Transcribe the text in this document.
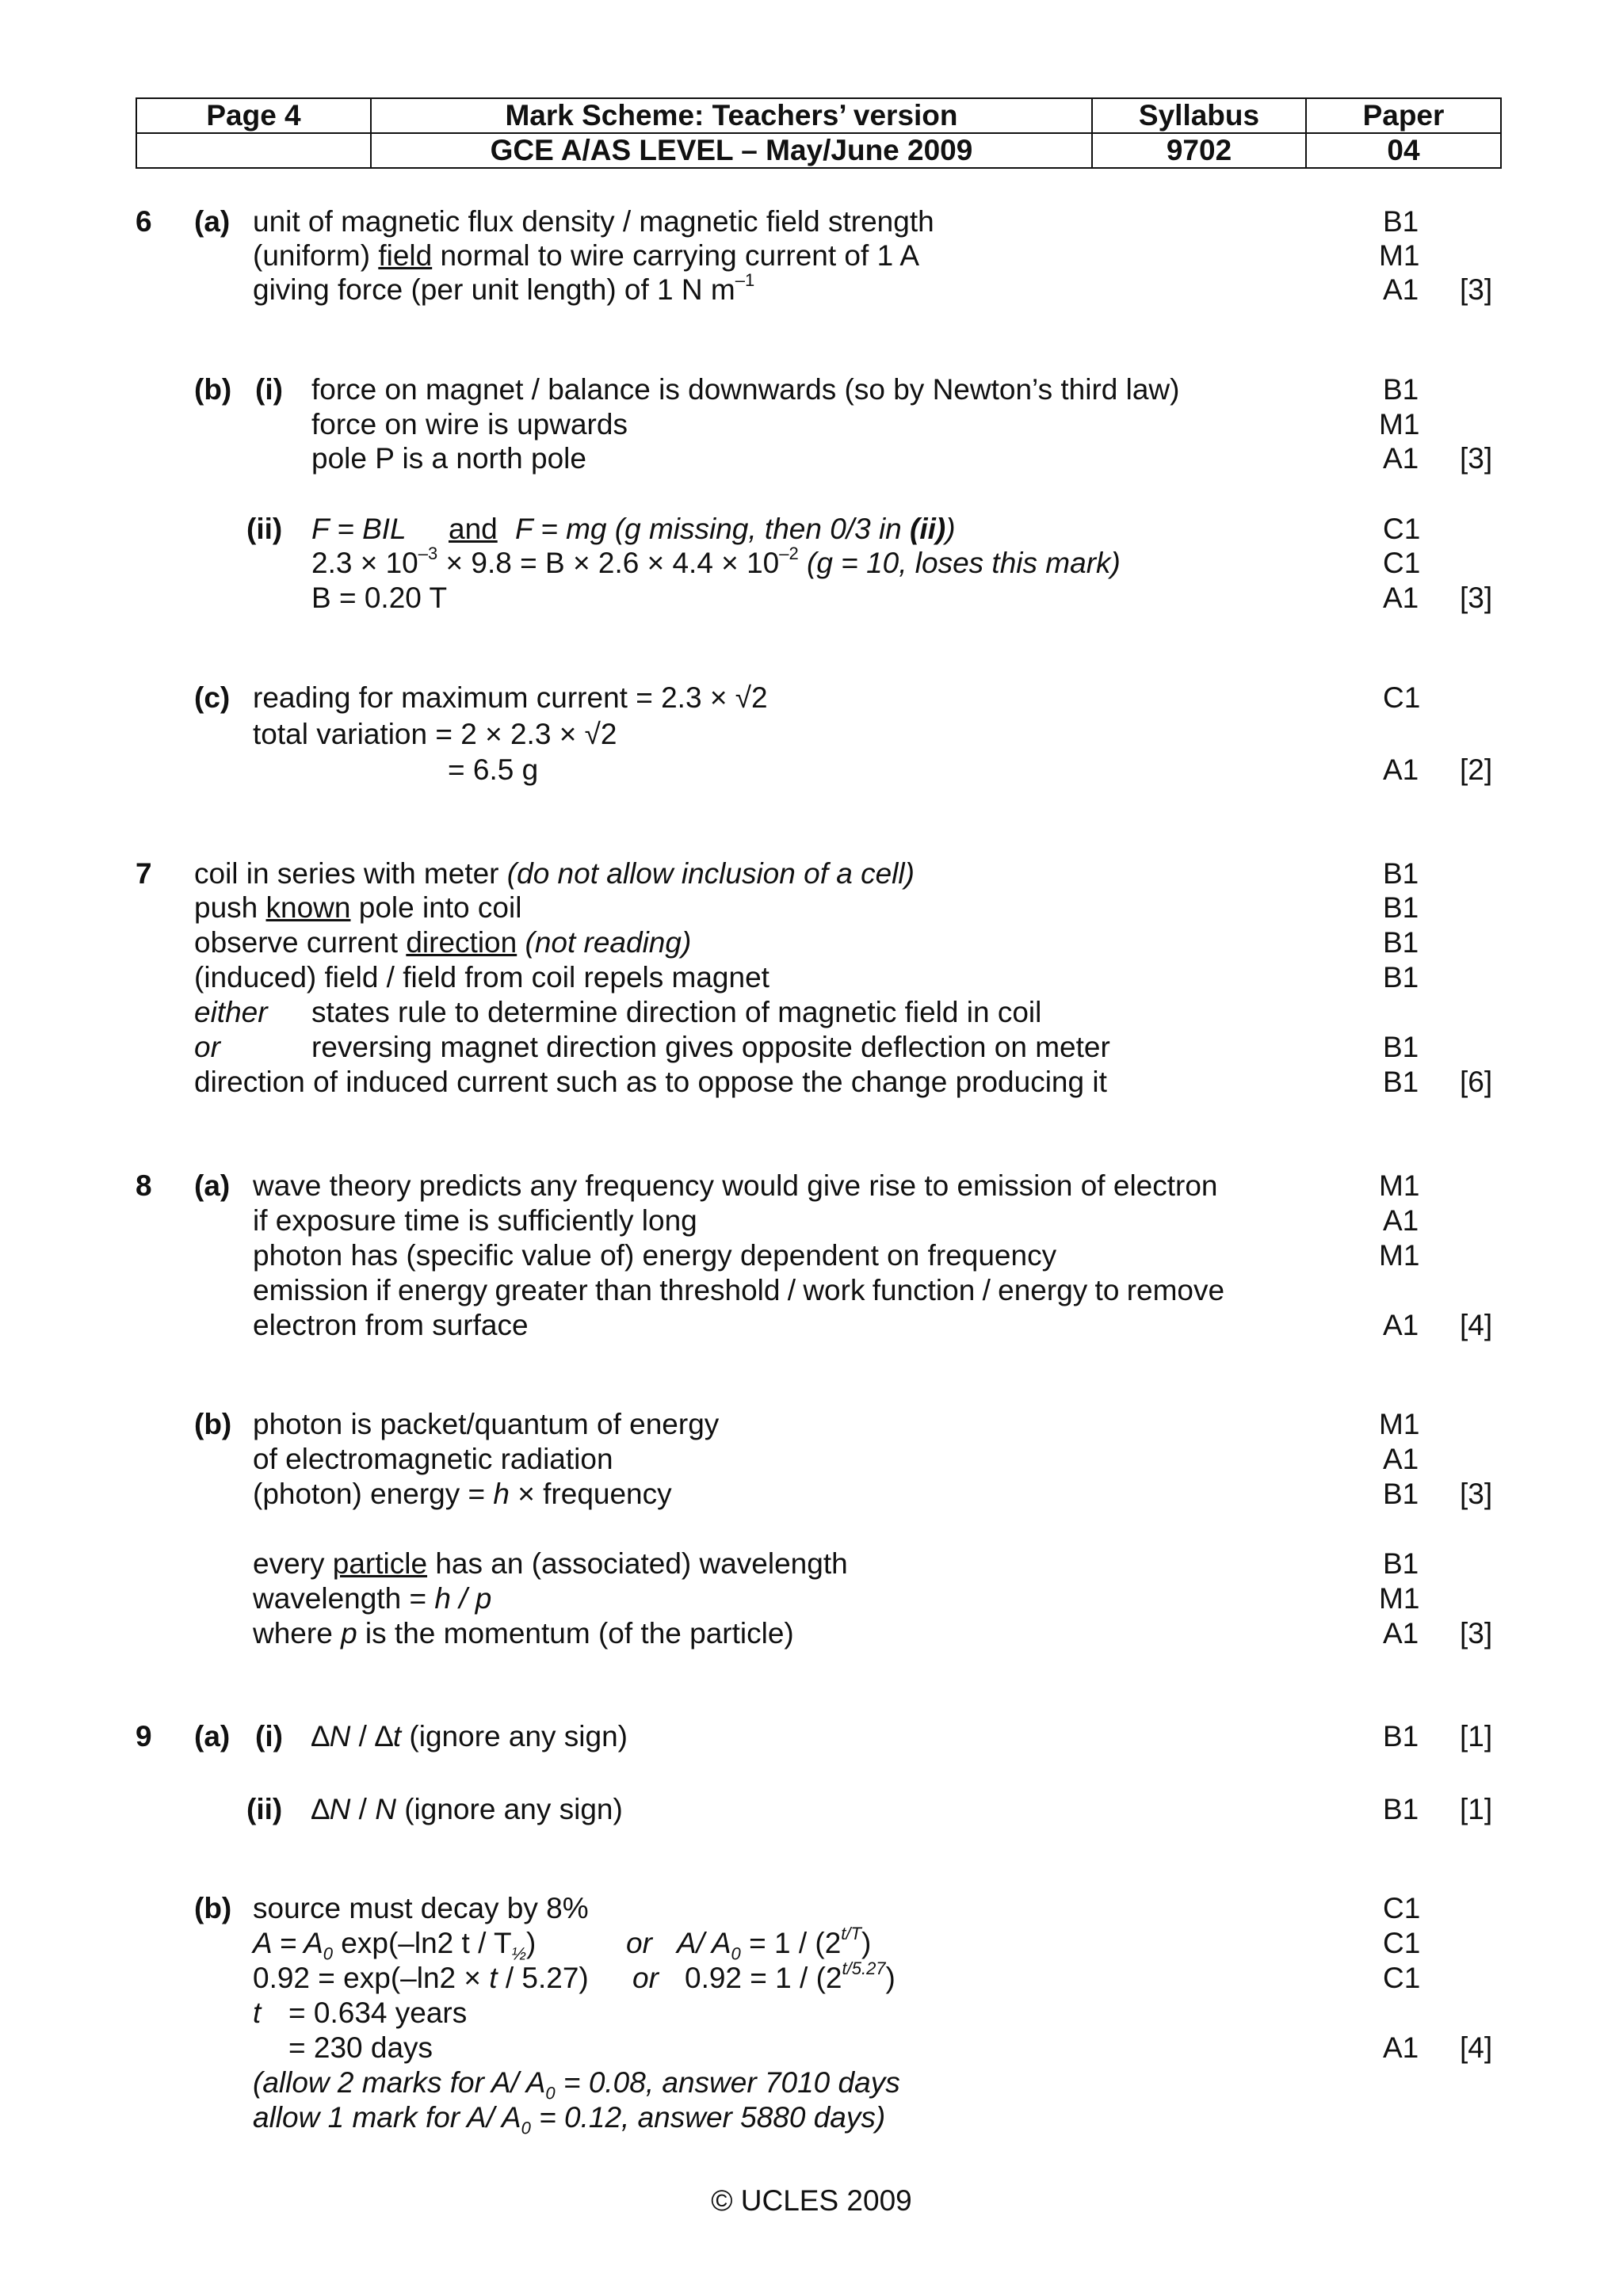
Page 4	Mark Scheme: Teachers’ version	Syllabus	Paper
	GCE A/AS LEVEL – May/June 2009	9702	04
6 (a) unit of magnetic flux density / magnetic field strength	B1
(uniform) field normal to wire carrying current of 1 A	M1
giving force (per unit length) of 1 N $m^{-1}$	A1 [3]
(b) (i) force on magnet / balance is downwards (so by Newton’s third law)	B1
force on wire is upwards	M1
pole P is a north pole	A1 [3]
(ii) F = BIL and F = mg (g missing, then 0/3 in (ii))	C1
$2.3 \times 10^{-3} \times 9.8 = B \times 2.6 \times 4.4 \times 10^{-2}$ (g = 10, loses this mark)	C1
B = 0.20 T	A1 [3]
(c) reading for maximum current = 2.3 × √2	C1
total variation = 2 × 2.3 × √2
= 6.5 g	A1 [2]
7 coil in series with meter (do not allow inclusion of a cell)	B1
push known pole into coil	B1
observe current direction (not reading)	B1
(induced) field / field from coil repels magnet	B1
either states rule to determine direction of magnetic field in coil
or	reversing magnet direction gives opposite deflection on meter	B1
direction of induced current such as to oppose the change producing it	B1 [6]
8 (a) wave theory predicts any frequency would give rise to emission of electron	M1
if exposure time is sufficiently long	A1
photon has (specific value of) energy dependent on frequency	M1
emission if energy greater than threshold / work function / energy to remove
electron from surface	A1 [4]
(b) photon is packet/quantum of energy	M1
of electromagnetic radiation	A1
(photon) energy = h × frequency	B1 [3]
every particle has an (associated) wavelength	B1
wavelength = h / p	M1
where p is the momentum (of the particle)	A1 [3]
9 (a) (i) ∆N / ∆t (ignore any sign)	B1 [1]
(ii) ∆N / N (ignore any sign)	B1 [1]
(b) source must decay by 8%	C1
$A = A_0$ exp(–ln2 t / $T_{\frac{1}{2}}$)	or A/ $A_0 = 1 / (2^{t/T})$	C1
0.92 = exp(–ln2 × t / 5.27) or $0.92 = 1 / (2^{t/5.27})$	C1
t = 0.634 years
= 230 days	A1 [4]
(allow 2 marks for A/ $A_0 = 0.08$, answer 7010 days
allow 1 mark for A/ $A_0 = 0.12$, answer 5880 days)
© UCLES 2009
